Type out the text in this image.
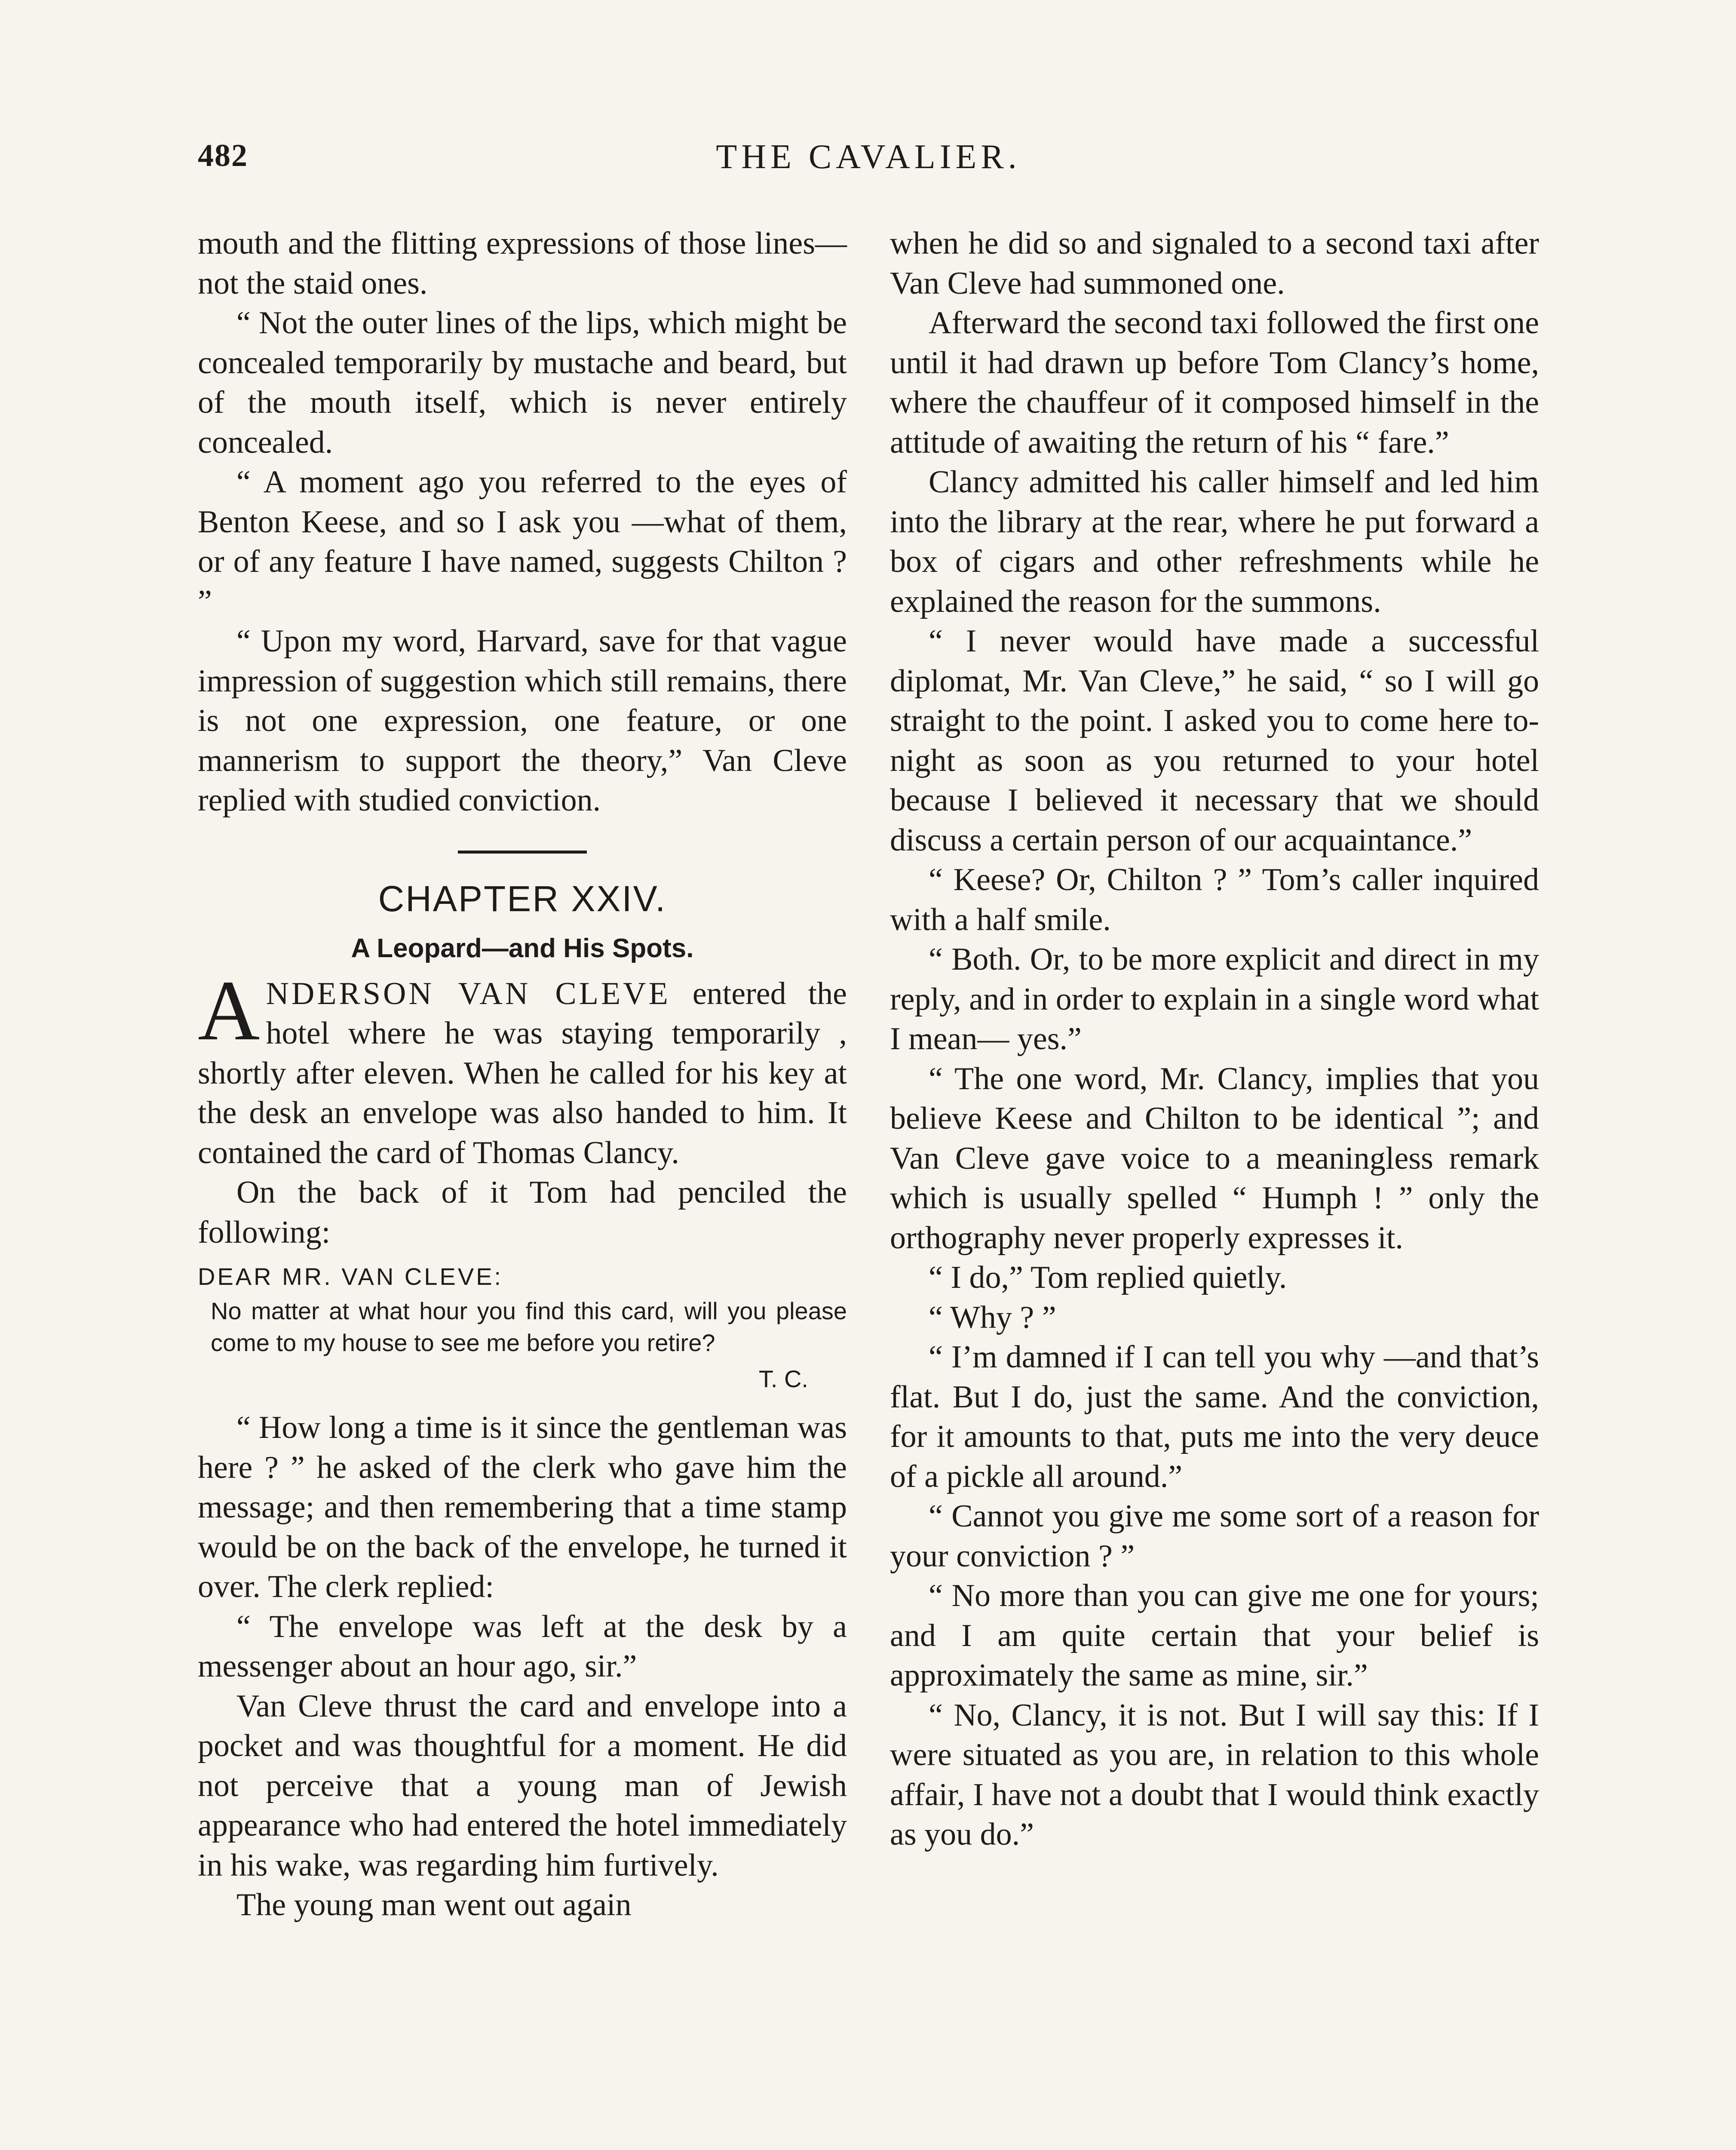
482	THE CAVALIER.

mouth and the flitting expressions of those lines—not the staid ones.

“ Not the outer lines of the lips, which might be concealed temporarily by mustache and beard, but of the mouth itself, which is never entirely concealed.

“ A moment ago you referred to the eyes of Benton Keese, and so I ask you —what of them, or of any feature I have named, suggests Chilton ? ”

“ Upon my word, Harvard, save for that vague impression of suggestion which still remains, there is not one expression, one feature, or one mannerism to support the theory,” Van Cleve replied with studied conviction.

CHAPTER XXIV.
A Leopard—and His Spots.

ANDERSON VAN CLEVE entered the hotel where he was staying temporarily , shortly after eleven. When he called for his key at the desk an envelope was also handed to him. It contained the card of Thomas Clancy.

On the back of it Tom had penciled the following:

DEAR MR. VAN CLEVE:
No matter at what hour you find this card, will you please come to my house to see me before you retire?
T. C.

“ How long a time is it since the gentleman was here ? ” he asked of the clerk who gave him the message; and then remembering that a time stamp would be on the back of the envelope, he turned it over. The clerk replied:

“ The envelope was left at the desk by a messenger about an hour ago, sir.”

Van Cleve thrust the card and envelope into a pocket and was thoughtful for a moment. He did not perceive that a young man of Jewish appearance who had entered the hotel immediately in his wake, was regarding him furtively.

The young man went out again

when he did so and signaled to a second taxi after Van Cleve had summoned one.

Afterward the second taxi followed the first one until it had drawn up before Tom Clancy’s home, where the chauffeur of it composed himself in the attitude of awaiting the return of his “ fare.”

Clancy admitted his caller himself and led him into the library at the rear, where he put forward a box of cigars and other refreshments while he explained the reason for the summons.

“ I never would have made a successful diplomat, Mr. Van Cleve,” he said, “ so I will go straight to the point. I asked you to come here to-night as soon as you returned to your hotel because I believed it necessary that we should discuss a certain person of our acquaintance.”

“ Keese? Or, Chilton ? ” Tom’s caller inquired with a half smile.

“ Both. Or, to be more explicit and direct in my reply, and in order to explain in a single word what I mean— yes.”

“ The one word, Mr. Clancy, implies that you believe Keese and Chilton to be identical ”; and Van Cleve gave voice to a meaningless remark which is usually spelled “ Humph ! ” only the orthography never properly expresses it.

“ I do,” Tom replied quietly.

“ Why ? ”

“ I’m damned if I can tell you why —and that’s flat. But I do, just the same. And the conviction, for it amounts to that, puts me into the very deuce of a pickle all around.”

“ Cannot you give me some sort of a reason for your conviction ? ”

“ No more than you can give me one for yours; and I am quite certain that your belief is approximately the same as mine, sir.”

“ No, Clancy, it is not. But I will say this: If I were situated as you are, in relation to this whole affair, I have not a doubt that I would think exactly as you do.”
